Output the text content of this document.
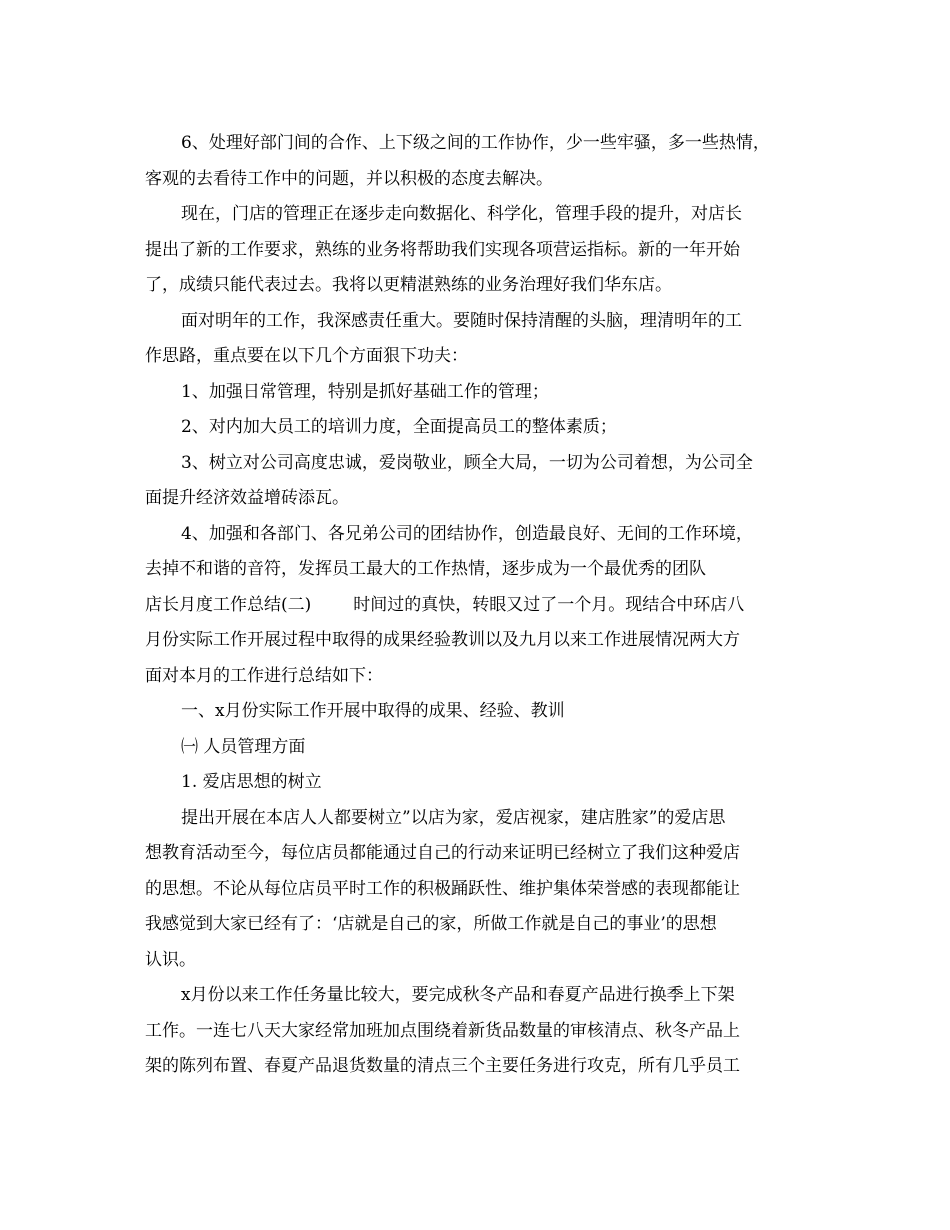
6、处理好部门间的合作、上下级之间的工作协作，少一些牢骚，多一些热情，
客观的去看待工作中的问题，并以积极的态度去解决。
现在，门店的管理正在逐步走向数据化、科学化，管理手段的提升，对店长
提出了新的工作要求，熟练的业务将帮助我们实现各项营运指标。新的一年开始
了，成绩只能代表过去。我将以更精湛熟练的业务治理好我们华东店。
面对明年的工作，我深感责任重大。要随时保持清醒的头脑，理清明年的工
作思路，重点要在以下几个方面狠下功夫：
1、加强日常管理，特别是抓好基础工作的管理；
2、对内加大员工的培训力度，全面提高员工的整体素质；
3、树立对公司高度忠诚，爱岗敬业，顾全大局，一切为公司着想，为公司全
面提升经济效益增砖添瓦。
4、加强和各部门、各兄弟公司的团结协作，创造最良好、无间的工作环境，
去掉不和谐的音符，发挥员工最大的工作热情，逐步成为一个最优秀的团队
店长月度工作总结(二) 时间过的真快，转眼又过了一个月。现结合中环店八
月份实际工作开展过程中取得的成果经验教训以及九月以来工作进展情况两大方
面对本月的工作进行总结如下：
一、x月份实际工作开展中取得的成果、经验、教训
㈠ 人员管理方面
1. 爱店思想的树立
提出开展在本店人人都要树立”以店为家，爱店视家，建店胜家”的爱店思
想教育活动至今，每位店员都能通过自己的行动来证明已经树立了我们这种爱店
的思想。不论从每位店员平时工作的积极踊跃性、维护集体荣誉感的表现都能让
我感觉到大家已经有了：‘店就是自己的家，所做工作就是自己的事业’的思想
认识。
x月份以来工作任务量比较大，要完成秋冬产品和春夏产品进行换季上下架
工作。一连七八天大家经常加班加点围绕着新货品数量的审核清点、秋冬产品上
架的陈列布置、春夏产品退货数量的清点三个主要任务进行攻克，所有几乎员工
